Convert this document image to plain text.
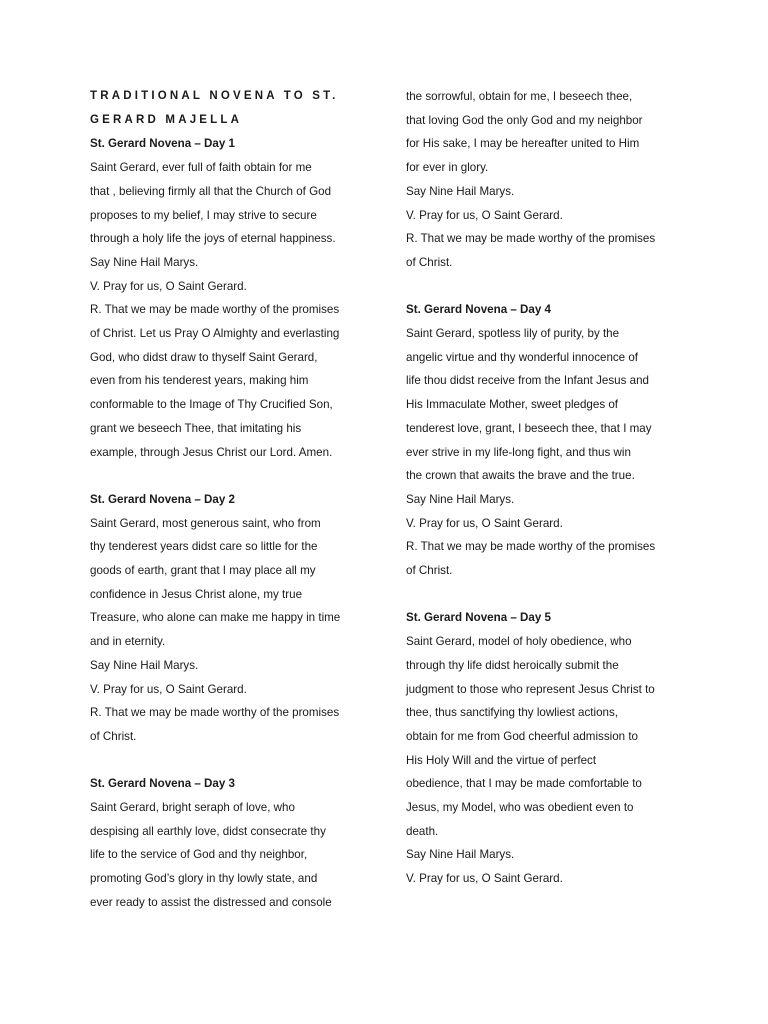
TRADITIONAL NOVENA TO ST.
GERARD MAJELLA
St. Gerard Novena – Day 1
Saint Gerard, ever full of faith obtain for me
that , believing firmly all that the Church of God
proposes to my belief, I may strive to secure
through a holy life the joys of eternal happiness.
Say Nine Hail Marys.
V. Pray for us, O Saint Gerard.
R. That we may be made worthy of the promises
of Christ. Let us Pray O Almighty and everlasting
God, who didst draw to thyself Saint Gerard,
even from his tenderest years, making him
conformable to the Image of Thy Crucified Son,
grant we beseech Thee, that imitating his
example, through Jesus Christ our Lord. Amen.
St. Gerard Novena – Day 2
Saint Gerard, most generous saint, who from
thy tenderest years didst care so little for the
goods of earth, grant that I may place all my
confidence in Jesus Christ alone, my true
Treasure, who alone can make me happy in time
and in eternity.
Say Nine Hail Marys.
V. Pray for us, O Saint Gerard.
R. That we may be made worthy of the promises
of Christ.
St. Gerard Novena – Day 3
Saint Gerard, bright seraph of love, who
despising all earthly love, didst consecrate thy
life to the service of God and thy neighbor,
promoting God’s glory in thy lowly state, and
ever ready to assist the distressed and console
the sorrowful, obtain for me, I beseech thee,
that loving God the only God and my neighbor
for His sake, I may be hereafter united to Him
for ever in glory.
Say Nine Hail Marys.
V. Pray for us, O Saint Gerard.
R. That we may be made worthy of the promises
of Christ.
St. Gerard Novena – Day 4
Saint Gerard, spotless lily of purity, by the
angelic virtue and thy wonderful innocence of
life thou didst receive from the Infant Jesus and
His Immaculate Mother, sweet pledges of
tenderest love, grant, I beseech thee, that I may
ever strive in my life-long fight, and thus win
the crown that awaits the brave and the true.
Say Nine Hail Marys.
V. Pray for us, O Saint Gerard.
R. That we may be made worthy of the promises
of Christ.
St. Gerard Novena – Day 5
Saint Gerard, model of holy obedience, who
through thy life didst heroically submit the
judgment to those who represent Jesus Christ to
thee, thus sanctifying thy lowliest actions,
obtain for me from God cheerful admission to
His Holy Will and the virtue of perfect
obedience, that I may be made comfortable to
Jesus, my Model, who was obedient even to
death.
Say Nine Hail Marys.
V. Pray for us, O Saint Gerard.
